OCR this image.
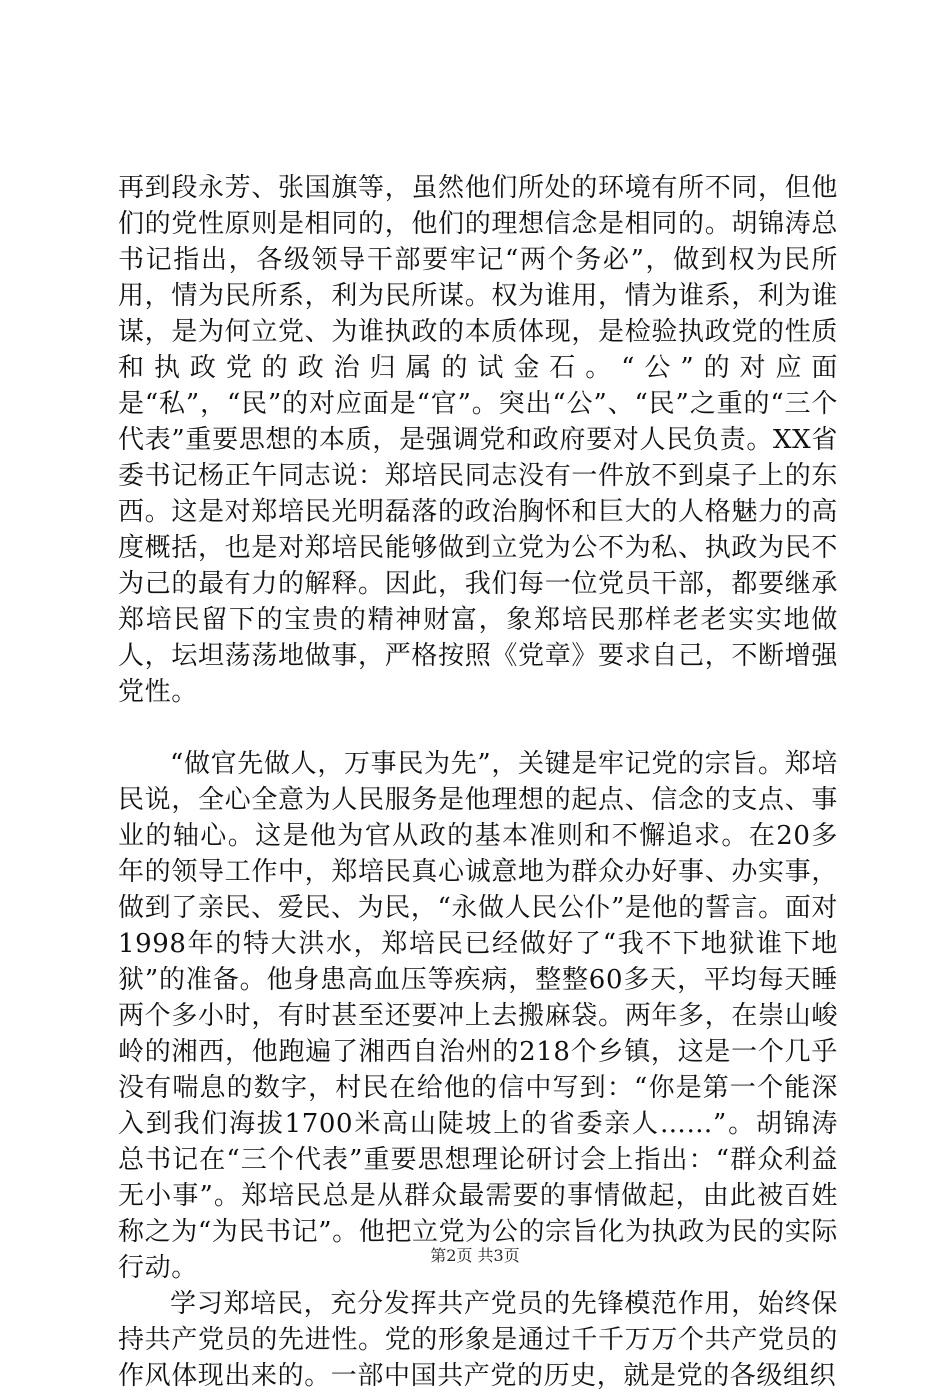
再到段永芳、张国旗等，虽然他们所处的环境有所不同，但他们的党性原则是相同的，他们的理想信念是相同的。胡锦涛总书记指出，各级领导干部要牢记“两个务必”，做到权为民所用，情为民所系，利为民所谋。权为谁用，情为谁系，利为谁谋，是为何立党、为谁执政的本质体现，是检验执政党的性质和执政党的政治归属的试金石。“公”的对应面是“私”，“民”的对应面是“官”。突出“公”、“民”之重的“三个代表”重要思想的本质，是强调党和政府要对人民负责。XX省委书记杨正午同志说：郑培民同志没有一件放不到桌子上的东西。这是对郑培民光明磊落的政治胸怀和巨大的人格魅力的高度概括，也是对郑培民能够做到立党为公不为私、执政为民不为己的最有力的解释。因此，我们每一位党员干部，都要继承郑培民留下的宝贵的精神财富，象郑培民那样老老实实地做人，坛坦荡荡地做事，严格按照《党章》要求自己，不断增强党性。

“做官先做人，万事民为先”，关键是牢记党的宗旨。郑培民说，全心全意为人民服务是他理想的起点、信念的支点、事业的轴心。这是他为官从政的基本准则和不懈追求。在20多年的领导工作中，郑培民真心诚意地为群众办好事、办实事，做到了亲民、爱民、为民，“永做人民公仆”是他的誓言。面对1998年的特大洪水，郑培民已经做好了“我不下地狱谁下地狱”的准备。他身患高血压等疾病，整整60多天，平均每天睡两个多小时，有时甚至还要冲上去搬麻袋。两年多，在崇山峻岭的湘西，他跑遍了湘西自治州的218个乡镇，这是一个几乎没有喘息的数字，村民在给他的信中写到：“你是第一个能深入到我们海拔1700米高山陡坡上的省委亲人……”。胡锦涛总书记在“三个代表”重要思想理论研讨会上指出：“群众利益无小事”。郑培民总是从群众最需要的事情做起，由此被百姓称之为“为民书记”。他把立党为公的宗旨化为执政为民的实际行动。

学习郑培民，充分发挥共产党员的先锋模范作用，始终保持共产党员的先进性。党的形象是通过千千万万个共产党员的作风体现出来的。一部中国共产党的历史，就是党的各级组织

第2页 共3页
